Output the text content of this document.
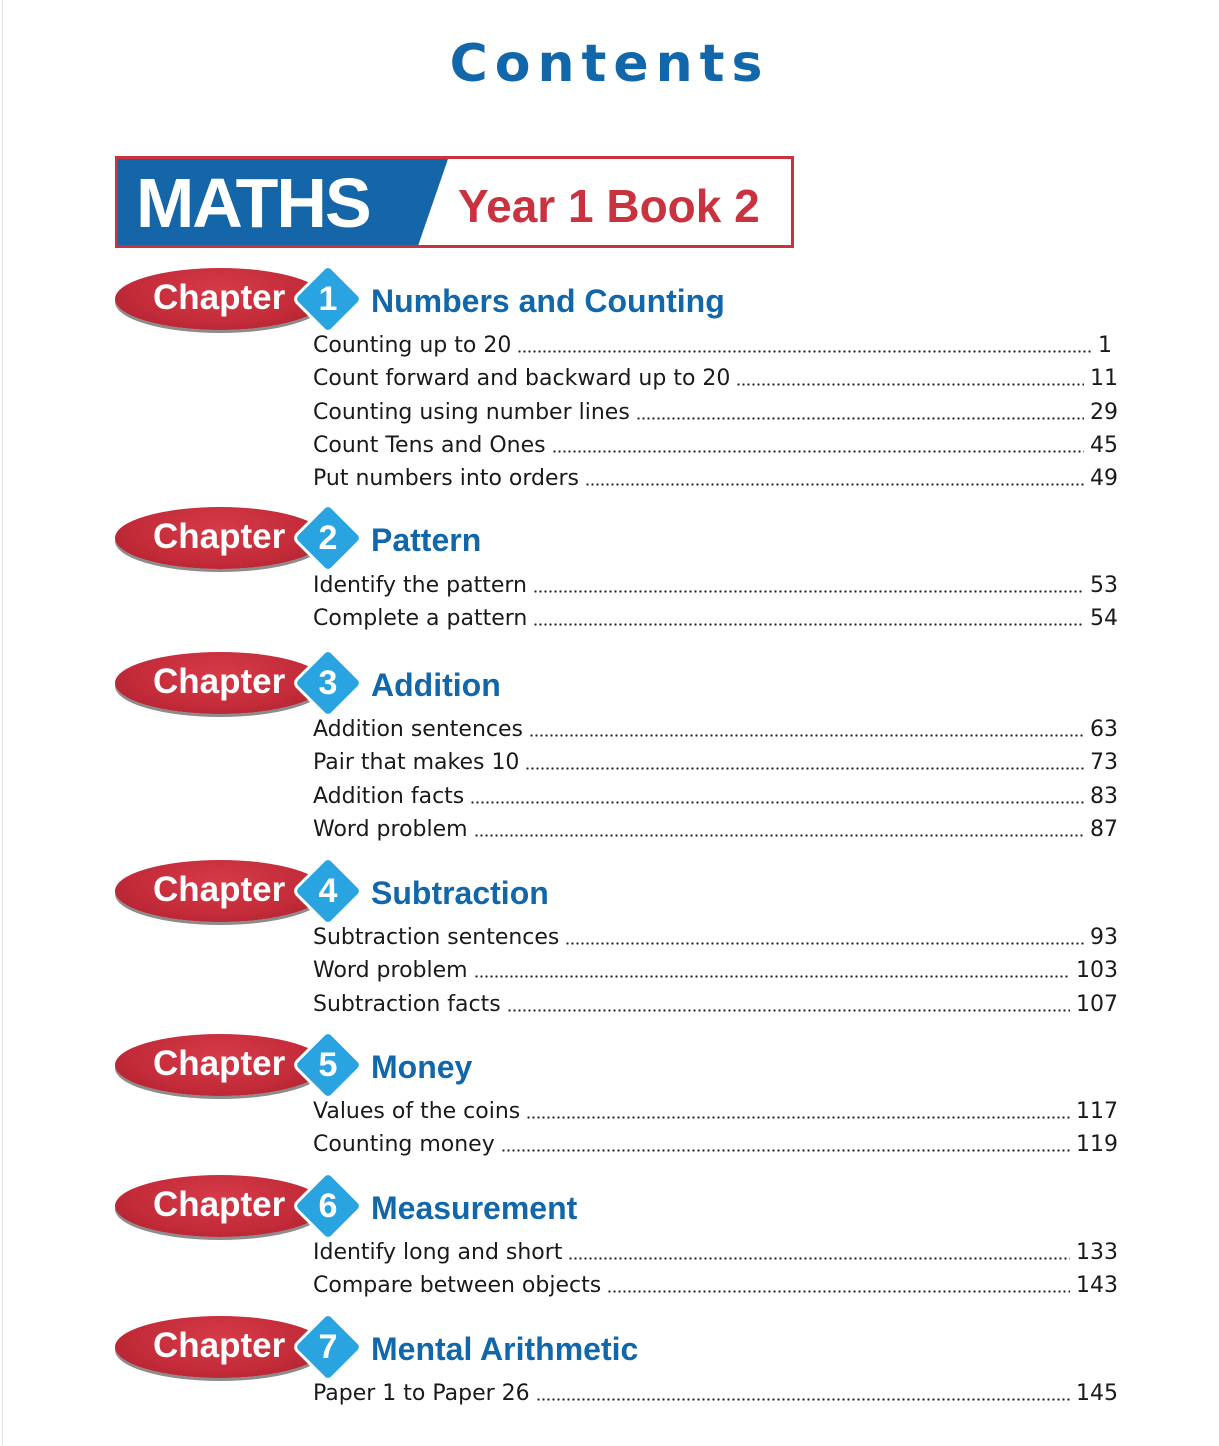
Contents
MATHS Year 1 Book 2
Chapter 1	Numbers and Counting
Counting up to 20	1
Count forward and backward up to 20	11
Counting using number lines	29
Count Tens and Ones	45
Put numbers into orders	49
Chapter 2	Pattern
Identify the pattern	53
Complete a pattern	54
Chapter 3	Addition
Addition sentences	63
Pair that makes 10	73
Addition facts	83
Word problem	87
Chapter 4	Subtraction
Subtraction sentences	93
Word problem	103
Subtraction facts	107
Chapter 5	Money
Values of the coins	117
Counting money	119
Chapter 6	Measurement
Identify long and short	133
Compare between objects	143
Chapter 7	Mental Arithmetic
Paper 1 to Paper 26	145
